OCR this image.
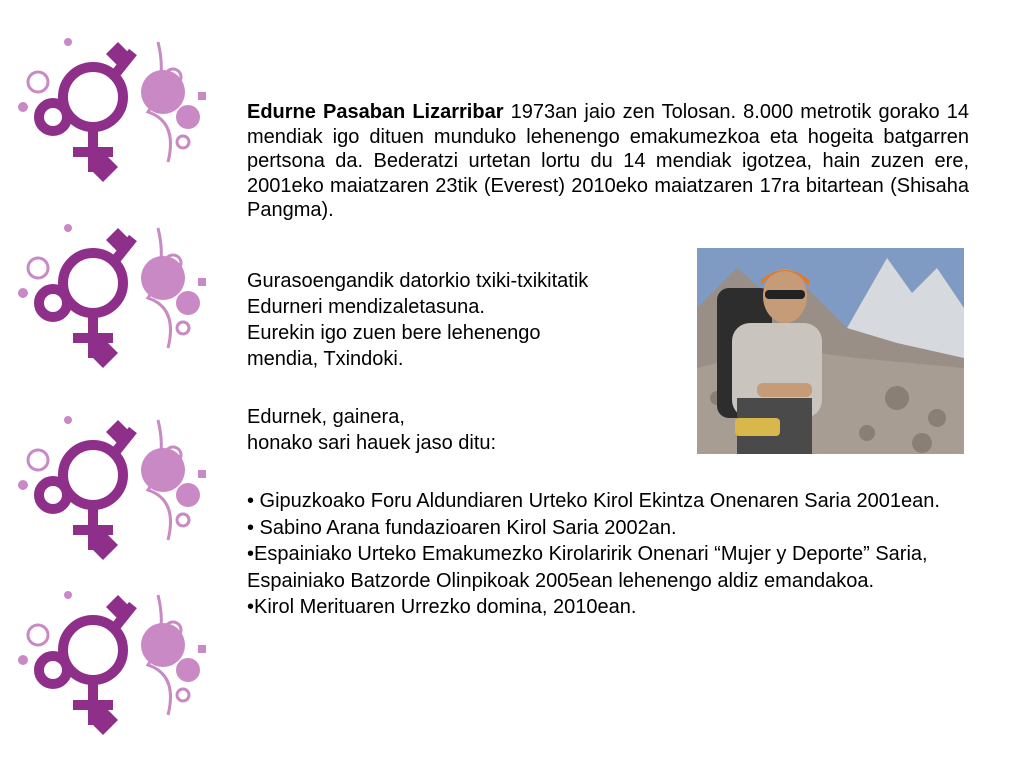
Edurne Pasaban Lizarribar 1973an jaio zen Tolosan. 8.000 metrotik gorako 14 mendiak igo dituen munduko lehenengo emakumezkoa eta hogeita batgarren pertsona da. Bederatzi urtetan lortu du 14 mendiak igotzea, hain zuzen ere, 2001eko maiatzaren 23tik (Everest) 2010eko maiatzaren 17ra bitartean (Shisaha Pangma).

Gurasoengandik datorkio txiki-txikitatik
Edurneri mendizaletasuna.
Eurekin igo zuen bere lehenengo
mendia, Txindoki.
Edurnek, gainera,
honako sari hauek jaso ditu:
• Gipuzkoako Foru Aldundiaren Urteko Kirol Ekintza Onenaren Saria 2001ean.
• Sabino Arana fundazioaren Kirol Saria 2002an.
•Espainiako Urteko Emakumezko Kirolaririk Onenari “Mujer y Deporte” Saria, Espainiako Batzorde Olinpikoak 2005ean lehenengo aldiz emandakoa.
•Kirol Merituaren Urrezko domina, 2010ean.
